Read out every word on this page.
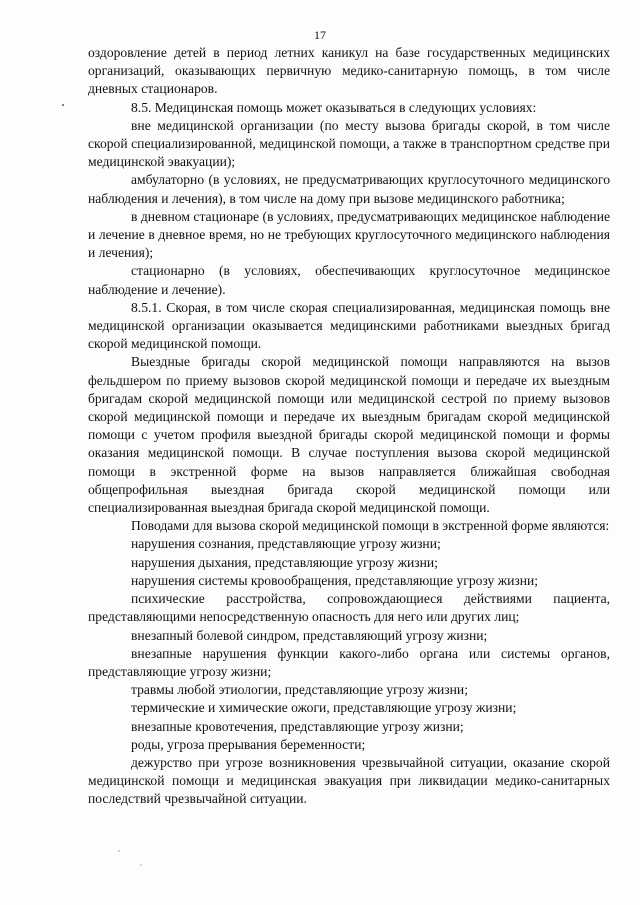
17

оздоровление детей в период летних каникул на базе государственных медицинских организаций, оказывающих первичную медико-санитарную помощь, в том числе дневных стационаров.

8.5. Медицинская помощь может оказываться в следующих условиях:

вне медицинской организации (по месту вызова бригады скорой, в том числе скорой специализированной, медицинской помощи, а также в транспортном средстве при медицинской эвакуации);

амбулаторно (в условиях, не предусматривающих круглосуточного медицинского наблюдения и лечения), в том числе на дому при вызове медицинского работника;

в дневном стационаре (в условиях, предусматривающих медицинское наблюдение и лечение в дневное время, но не требующих круглосуточного медицинского наблюдения и лечения);

стационарно (в условиях, обеспечивающих круглосуточное медицинское наблюдение и лечение).

8.5.1. Скорая, в том числе скорая специализированная, медицинская помощь вне медицинской организации оказывается медицинскими работниками выездных бригад скорой медицинской помощи.

Выездные бригады скорой медицинской помощи направляются на вызов фельдшером по приему вызовов скорой медицинской помощи и передаче их выездным бригадам скорой медицинской помощи или медицинской сестрой по приему вызовов скорой медицинской помощи и передаче их выездным бригадам скорой медицинской помощи с учетом профиля выездной бригады скорой медицинской помощи и формы оказания медицинской помощи. В случае поступления вызова скорой медицинской помощи в экстренной форме на вызов направляется ближайшая свободная общепрофильная выездная бригада скорой медицинской помощи или специализированная выездная бригада скорой медицинской помощи.

Поводами для вызова скорой медицинской помощи в экстренной форме являются:

нарушения сознания, представляющие угрозу жизни;

нарушения дыхания, представляющие угрозу жизни;

нарушения системы кровообращения, представляющие угрозу жизни;

психические расстройства, сопровождающиеся действиями пациента, представляющими непосредственную опасность для него или других лиц;

внезапный болевой синдром, представляющий угрозу жизни;

внезапные нарушения функции какого-либо органа или системы органов, представляющие угрозу жизни;

травмы любой этиологии, представляющие угрозу жизни;

термические и химические ожоги, представляющие угрозу жизни;

внезапные кровотечения, представляющие угрозу жизни;

роды, угроза прерывания беременности;

дежурство при угрозе возникновения чрезвычайной ситуации, оказание скорой медицинской помощи и медицинская эвакуация при ликвидации медико-санитарных последствий чрезвычайной ситуации.
